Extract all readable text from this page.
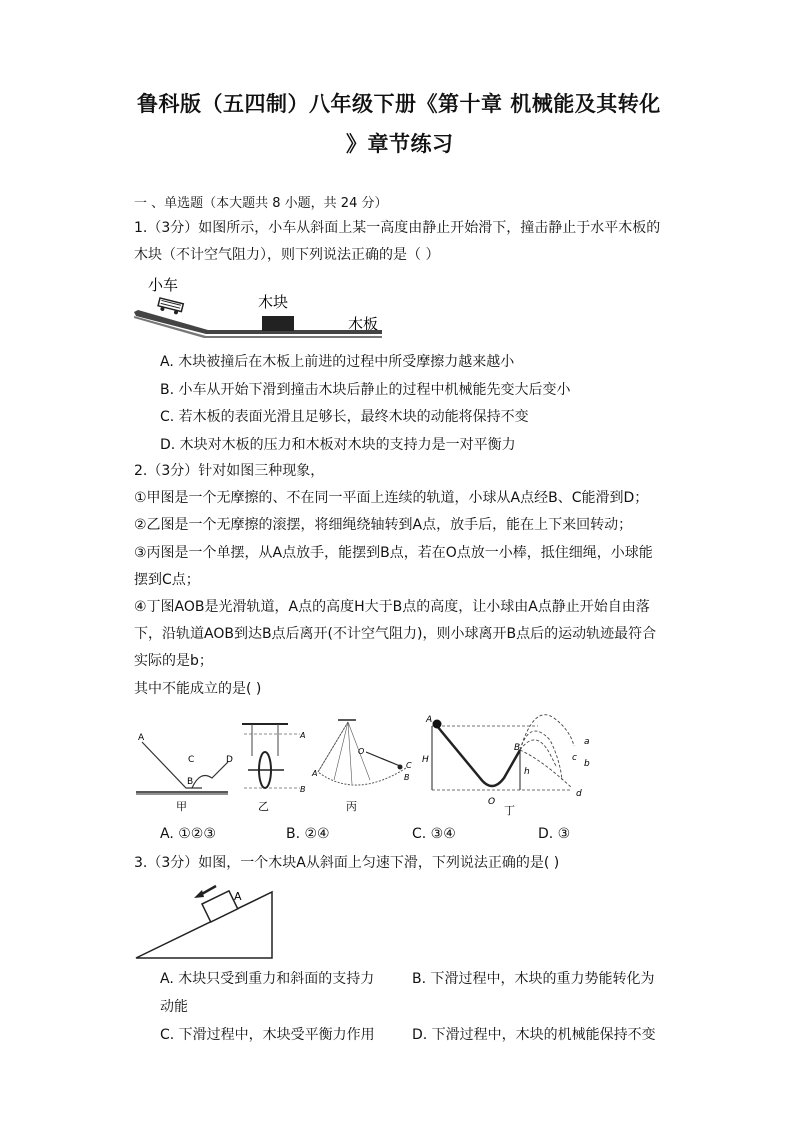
鲁科版（五四制）八年级下册《第十章 机械能及其转化
》章节练习
一 、单选题（本大题共 8 小题，共 24 分）
1.（3分）如图所示，小车从斜面上某一高度由静止开始滑下，撞击静止于水平木板的
木块（不计空气阻力），则下列说法正确的是（ ）
小车
木块
木板
A. 木块被撞后在木板上前进的过程中所受摩擦力越来越小
B. 小车从开始下滑到撞击木块后静止的过程中机械能先变大后变小
C. 若木板的表面光滑且足够长，最终木块的动能将保持不变
D. 木块对木板的压力和木板对木块的支持力是一对平衡力
2.（3分）针对如图三种现象，
①甲图是一个无摩擦的、不在同一平面上连续的轨道，小球从A点经B、C能滑到D；
②乙图是一个无摩擦的滚摆，将细绳绕轴转到A点，放手后，能在上下来回转动；
③丙图是一个单摆，从A点放手，能摆到B点，若在O点放一小棒，抵住细绳，小球能
摆到C点；
④丁图AOB是光滑轨道，A点的高度H大于B点的高度，让小球由A点静止开始自由落
下，沿轨道AOB到达B点后离开(不计空气阻力)，则小球离开B点后的运动轨迹最符合
实际的是b；
其中不能成立的是( )
A
B
C	D
甲
A
B
乙
O
A	B
C
丙
A
H
B
h
O
a
b
c
d
丁
A. ①②③	B. ②④	C. ③④	D. ③
3.（3分）如图，一个木块A从斜面上匀速下滑，下列说法正确的是( )
A
A. 木块只受到重力和斜面的支持力	B. 下滑过程中，木块的重力势能转化为
动能
C. 下滑过程中，木块受平衡力作用	D. 下滑过程中，木块的机械能保持不变
